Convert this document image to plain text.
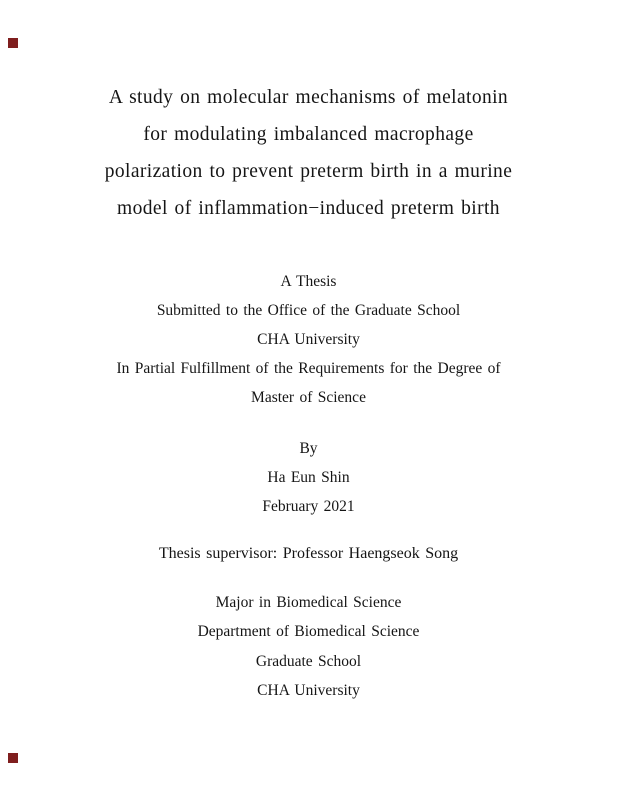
A study on molecular mechanisms of melatonin
for modulating imbalanced macrophage
polarization to prevent preterm birth in a murine
model of inflammation−induced preterm birth
A Thesis
Submitted to the Office of the Graduate School
CHA University
In Partial Fulfillment of the Requirements for the Degree of
Master of Science
By
Ha Eun Shin
February 2021
Thesis supervisor: Professor Haengseok Song
Major in Biomedical Science
Department of Biomedical Science
Graduate School
CHA University
